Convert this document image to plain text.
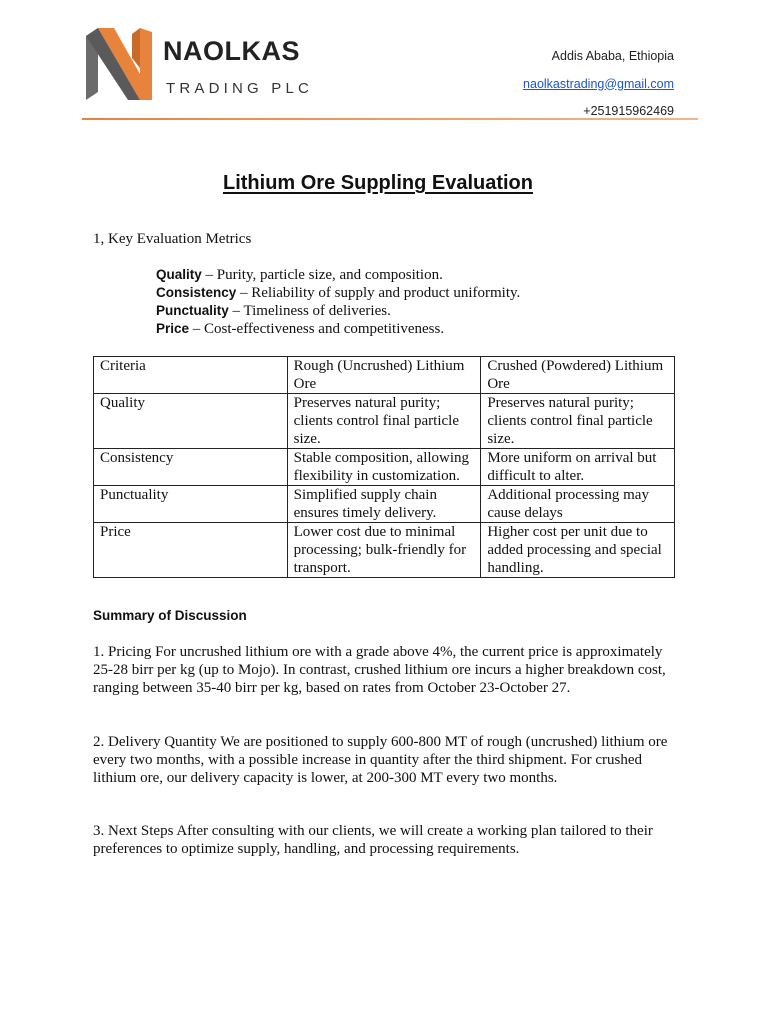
NAOLKAS
TRADING PLC
Addis Ababa, Ethiopia
naolkastrading@gmail.com
+251915962469
Lithium Ore Suppling Evaluation
1, Key Evaluation Metrics
Quality – Purity, particle size, and composition.
Consistency – Reliability of supply and product uniformity.
Punctuality – Timeliness of deliveries.
Price – Cost-effectiveness and competitiveness.
Criteria	Rough (Uncrushed) Lithium Ore	Crushed (Powdered) Lithium Ore
Quality	Preserves natural purity; clients control final particle size.	Preserves natural purity; clients control final particle size.
Consistency	Stable composition, allowing flexibility in customization.	More uniform on arrival but difficult to alter.
Punctuality	Simplified supply chain ensures timely delivery.	Additional processing may cause delays
Price	Lower cost due to minimal processing; bulk-friendly for transport.	Higher cost per unit due to added processing and special handling.
Summary of Discussion
1. Pricing For uncrushed lithium ore with a grade above 4%, the current price is approximately 25-28 birr per kg (up to Mojo). In contrast, crushed lithium ore incurs a higher breakdown cost, ranging between 35-40 birr per kg, based on rates from October 23-October 27.
2. Delivery Quantity We are positioned to supply 600-800 MT of rough (uncrushed) lithium ore every two months, with a possible increase in quantity after the third shipment. For crushed lithium ore, our delivery capacity is lower, at 200-300 MT every two months.
3. Next Steps After consulting with our clients, we will create a working plan tailored to their preferences to optimize supply, handling, and processing requirements.
